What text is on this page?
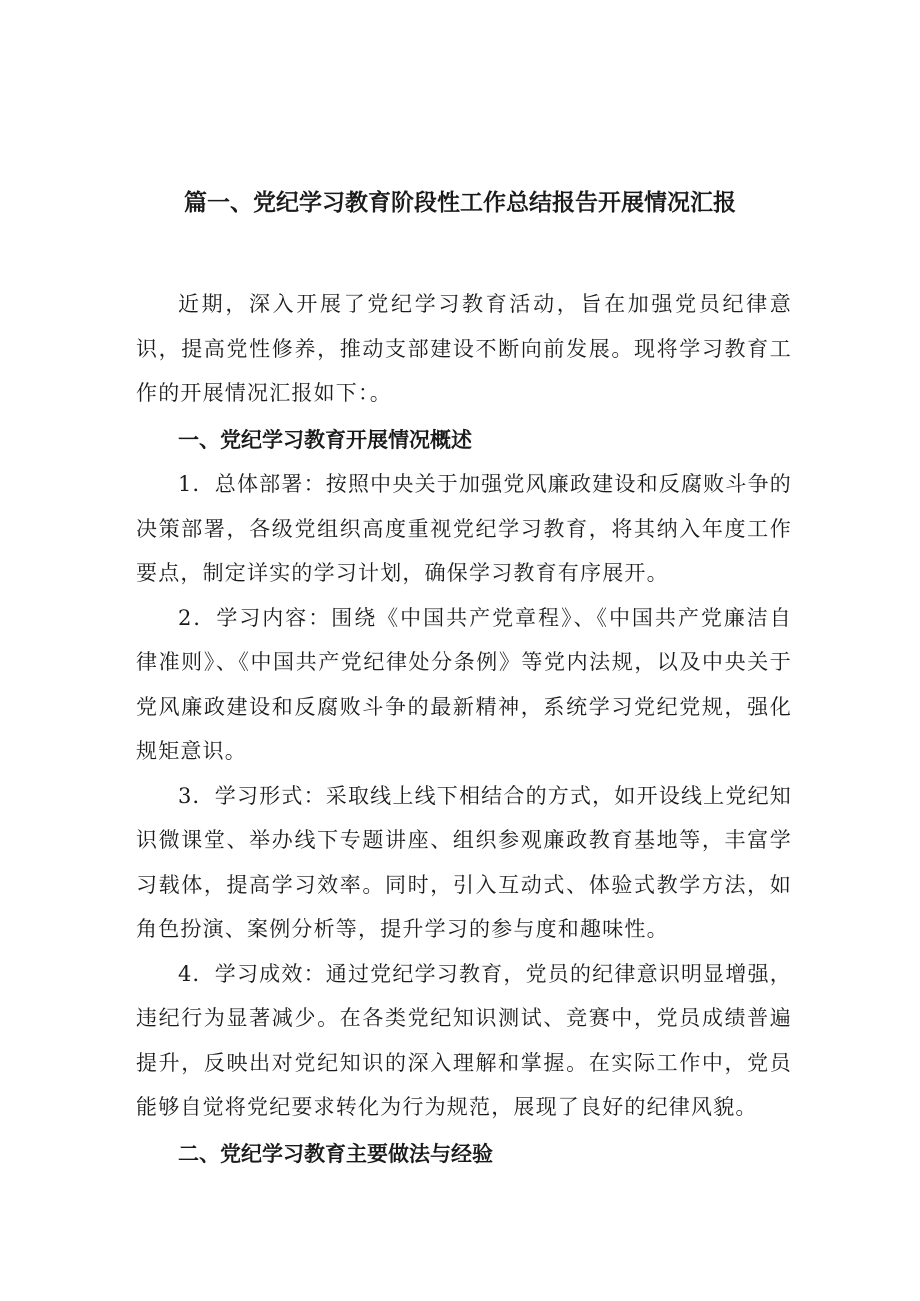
篇一、党纪学习教育阶段性工作总结报告开展情况汇报

近期，深入开展了党纪学习教育活动，旨在加强党员纪律意识，提高党性修养，推动支部建设不断向前发展。现将学习教育工作的开展情况汇报如下：。

一、党纪学习教育开展情况概述

1．总体部署：按照中央关于加强党风廉政建设和反腐败斗争的决策部署，各级党组织高度重视党纪学习教育，将其纳入年度工作要点，制定详实的学习计划，确保学习教育有序展开。

2．学习内容：围绕《中国共产党章程》、《中国共产党廉洁自律准则》、《中国共产党纪律处分条例》等党内法规，以及中央关于党风廉政建设和反腐败斗争的最新精神，系统学习党纪党规，强化规矩意识。

3．学习形式：采取线上线下相结合的方式，如开设线上党纪知识微课堂、举办线下专题讲座、组织参观廉政教育基地等，丰富学习载体，提高学习效率。同时，引入互动式、体验式教学方法，如角色扮演、案例分析等，提升学习的参与度和趣味性。

4．学习成效：通过党纪学习教育，党员的纪律意识明显增强，违纪行为显著减少。在各类党纪知识测试、竞赛中，党员成绩普遍提升，反映出对党纪知识的深入理解和掌握。在实际工作中，党员能够自觉将党纪要求转化为行为规范，展现了良好的纪律风貌。

二、党纪学习教育主要做法与经验
